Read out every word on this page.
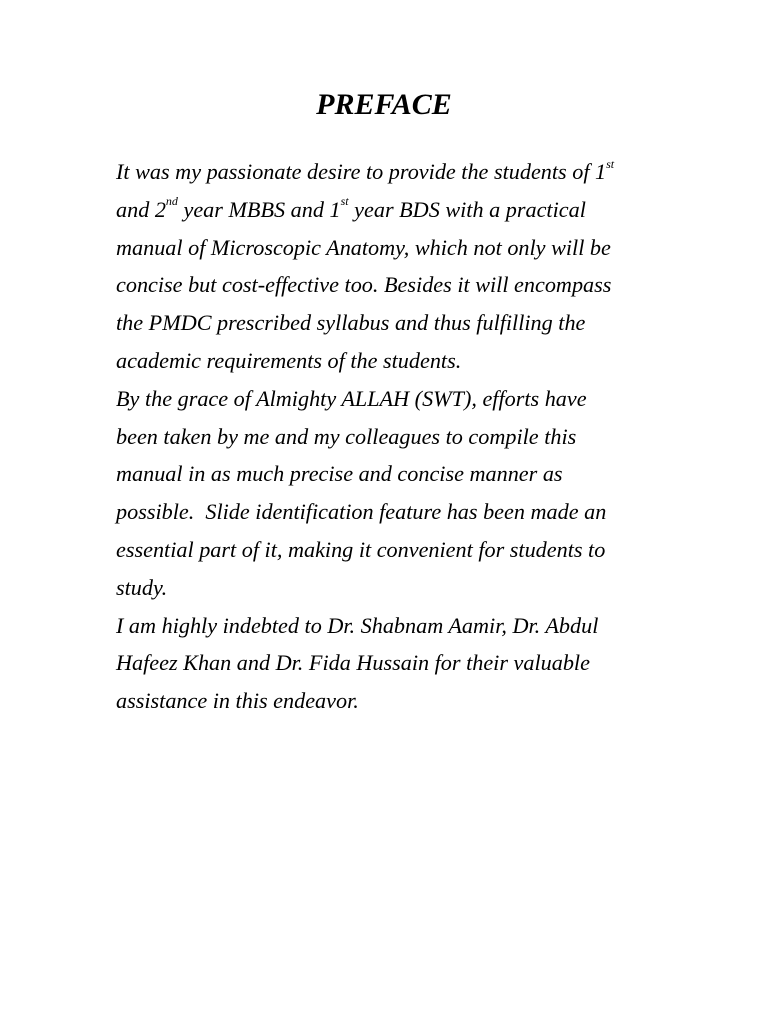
PREFACE
It was my passionate desire to provide the students of 1st
and 2nd year MBBS and 1st year BDS with a practical
manual of Microscopic Anatomy, which not only will be
concise but cost-effective too. Besides it will encompass
the PMDC prescribed syllabus and thus fulfilling the
academic requirements of the students.
By the grace of Almighty ALLAH (SWT), efforts have
been taken by me and my colleagues to compile this
manual in as much precise and concise manner as
possible.  Slide identification feature has been made an
essential part of it, making it convenient for students to
study.
I am highly indebted to Dr. Shabnam Aamir, Dr. Abdul
Hafeez Khan and Dr. Fida Hussain for their valuable
assistance in this endeavor.
